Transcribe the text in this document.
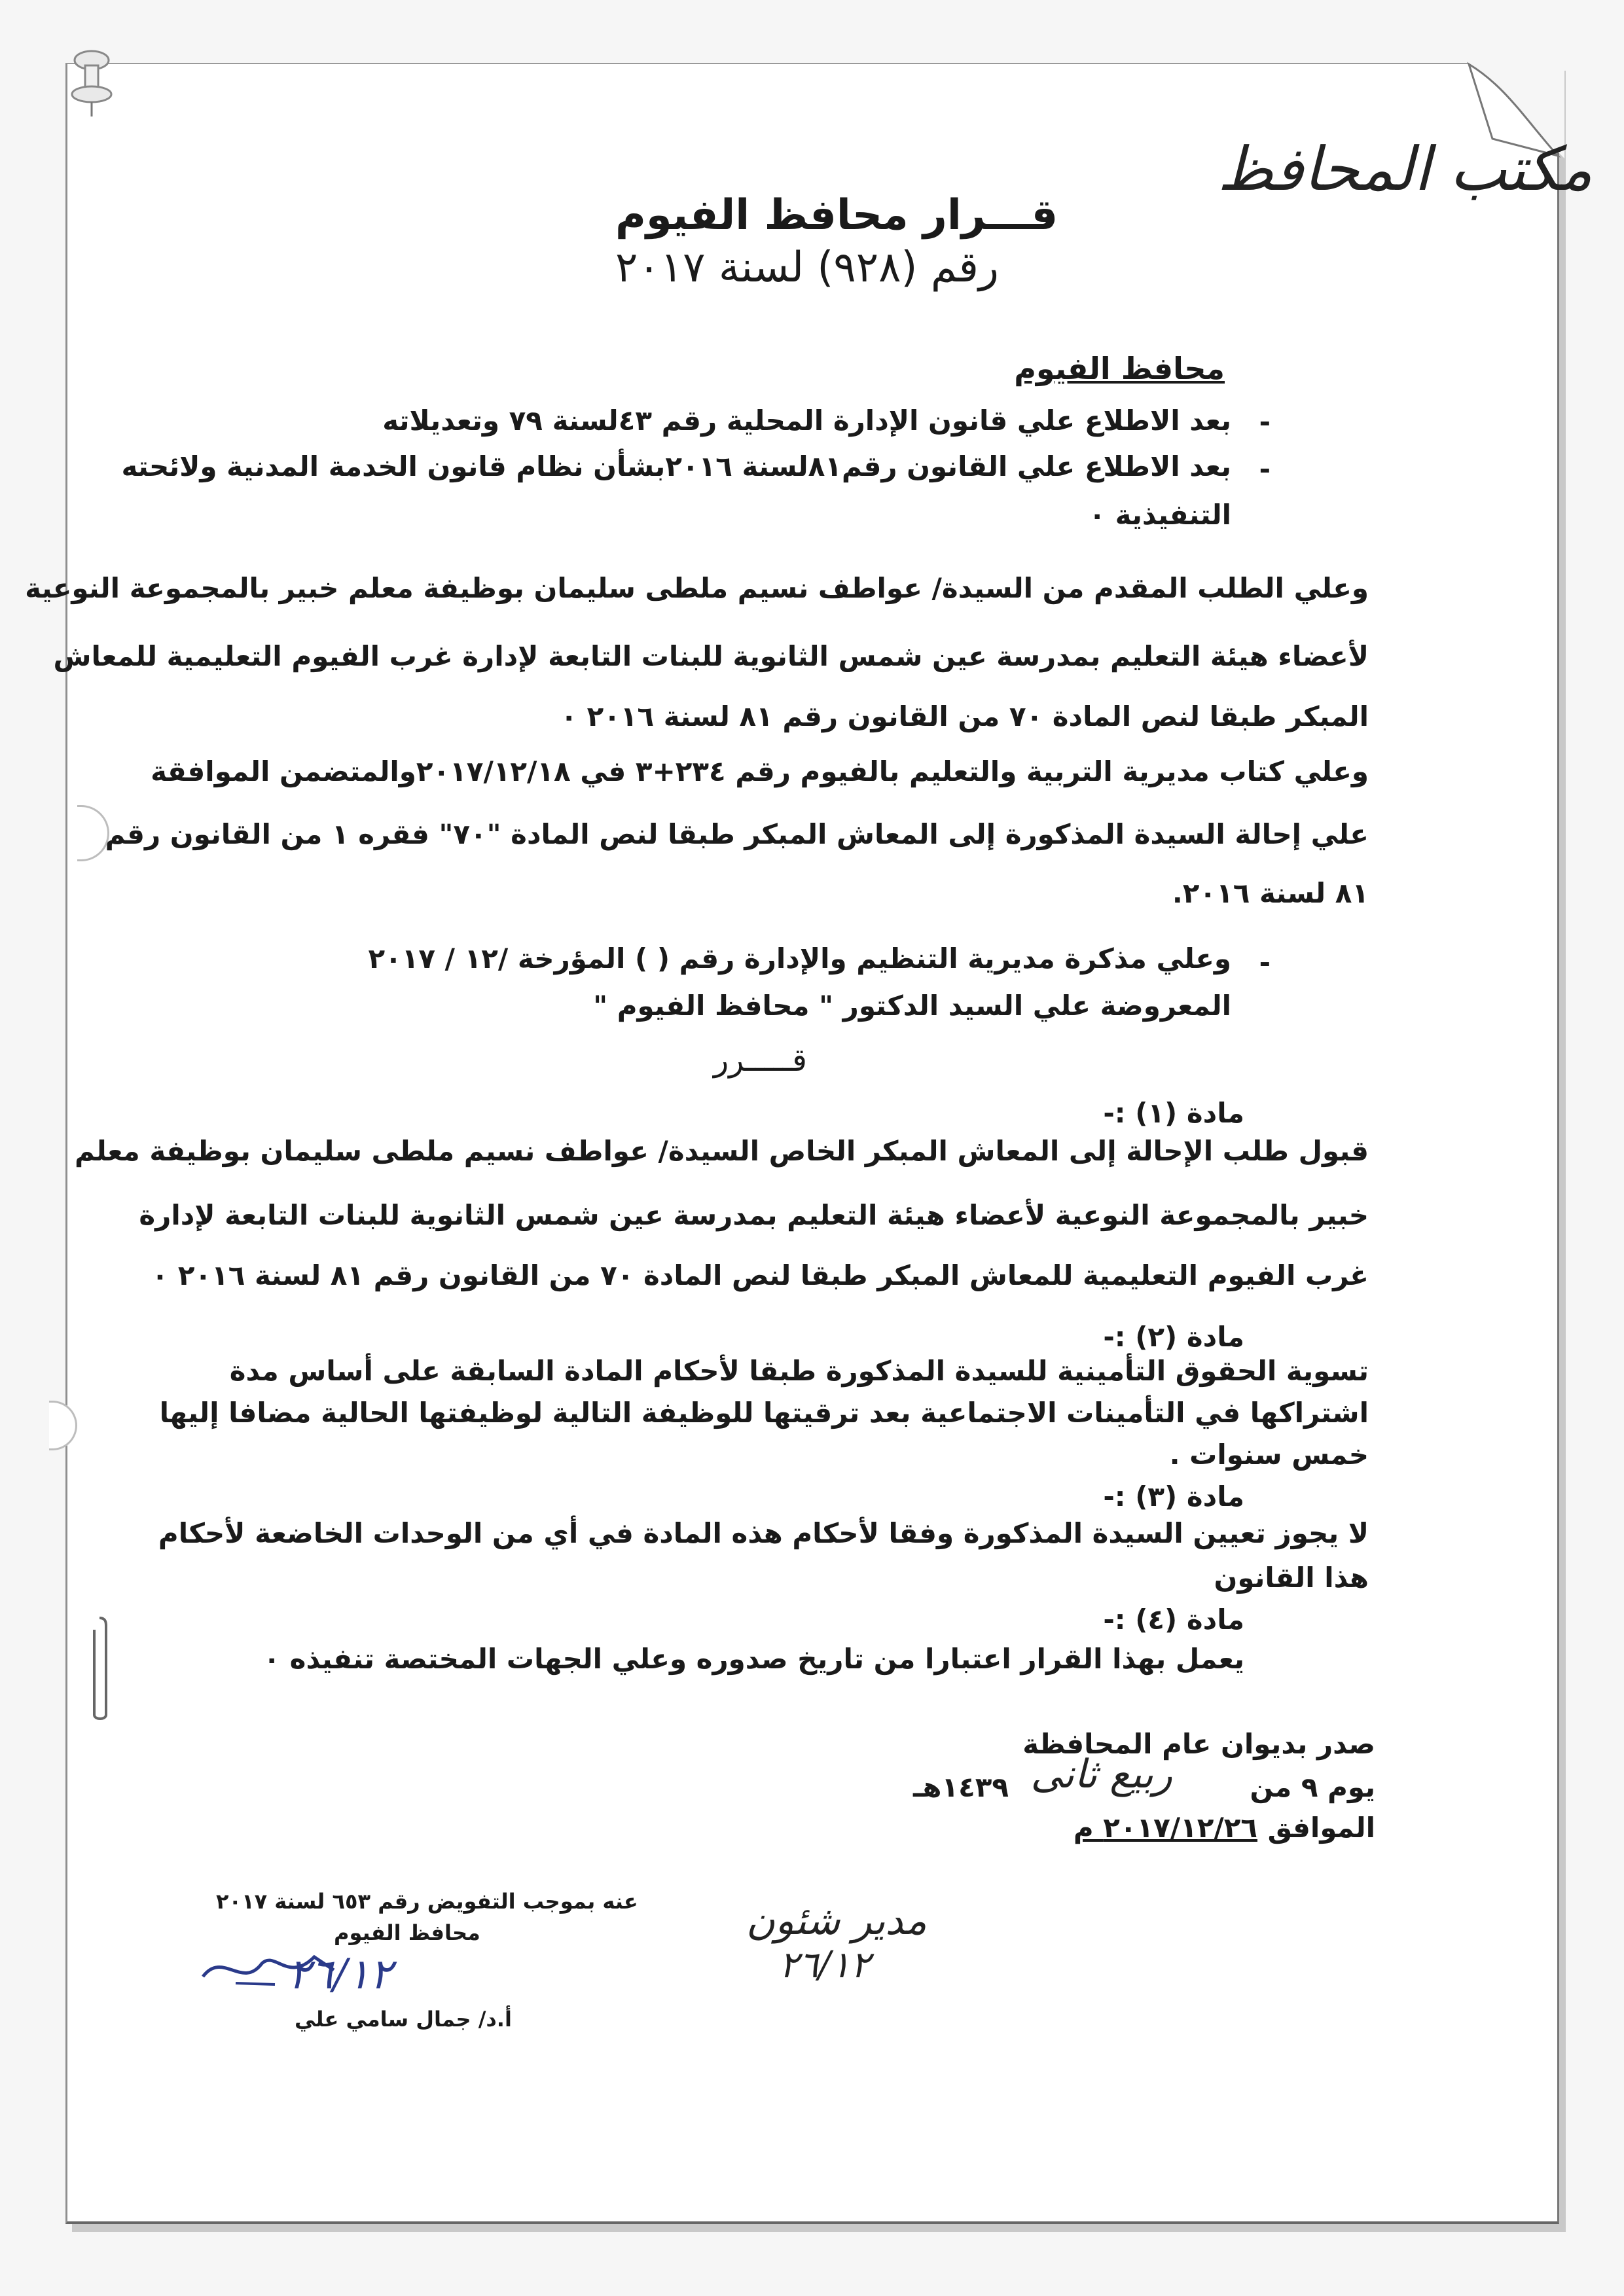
مكتب المحافظ
قـــرار محافظ الفيوم
رقم (٩٢٨) لسنة ٢٠١٧
محافظ الفيوم
-
بعد الاطلاع علي قانون الإدارة المحلية رقم ٤٣لسنة ٧٩ وتعديلاته
-
بعد الاطلاع علي القانون رقم٨١لسنة ٢٠١٦بشأن نظام قانون الخدمة المدنية ولائحته
التنفيذية ٠
وعلي الطلب المقدم من السيدة/ عواطف نسيم ملطى سليمان بوظيفة معلم خبير بالمجموعة النوعية
لأعضاء هيئة التعليم بمدرسة عين شمس الثانوية للبنات التابعة لإدارة غرب الفيوم التعليمية للمعاش
المبكر طبقا لنص المادة ٧٠ من القانون رقم ٨١ لسنة ٢٠١٦ ٠
وعلي كتاب مديرية التربية والتعليم بالفيوم رقم ٢٣٤+٣ في ٢٠١٧/١٢/١٨والمتضمن الموافقة
علي إحالة السيدة المذكورة إلى المعاش المبكر طبقا لنص المادة "٧٠" فقره ١ من القانون رقم
٨١ لسنة ٢٠١٦.
-
وعلي مذكرة مديرية التنظيم والإدارة رقم ( ) المؤرخة /١٢ / ٢٠١٧
المعروضة علي السيد الدكتور " محافظ الفيوم "
قـــــرر
مادة (١) :-
قبول طلب الإحالة إلى المعاش المبكر الخاص السيدة/ عواطف نسيم ملطى سليمان بوظيفة معلم
خبير بالمجموعة النوعية لأعضاء هيئة التعليم بمدرسة عين شمس الثانوية للبنات التابعة لإدارة
غرب الفيوم التعليمية للمعاش المبكر طبقا لنص المادة ٧٠ من القانون رقم ٨١ لسنة ٢٠١٦ ٠
مادة (٢) :-
تسوية الحقوق التأمينية للسيدة المذكورة طبقا لأحكام المادة السابقة على أساس مدة
اشتراكها في التأمينات الاجتماعية بعد ترقيتها للوظيفة التالية لوظيفتها الحالية مضافا إليها
خمس سنوات .
مادة (٣) :-
لا يجوز تعيين السيدة المذكورة وفقا لأحكام هذه المادة في أي من الوحدات الخاضعة لأحكام
هذا القانون
مادة (٤) :-
يعمل بهذا القرار اعتبارا من تاريخ صدوره وعلي الجهات المختصة تنفيذه ٠
صدر بديوان عام المحافظة
يوم ٩ من
ربيع ثانى
١٤٣٩هـ
الموافق
٢٠١٧/١٢/٢٦ م
عنه بموجب التفويض رقم ٦٥٣ لسنة ٢٠١٧
محافظ الفيوم
٢٦/١٢
أ.د/ جمال سامي علي
مدير شئون
٢٦/١٢
